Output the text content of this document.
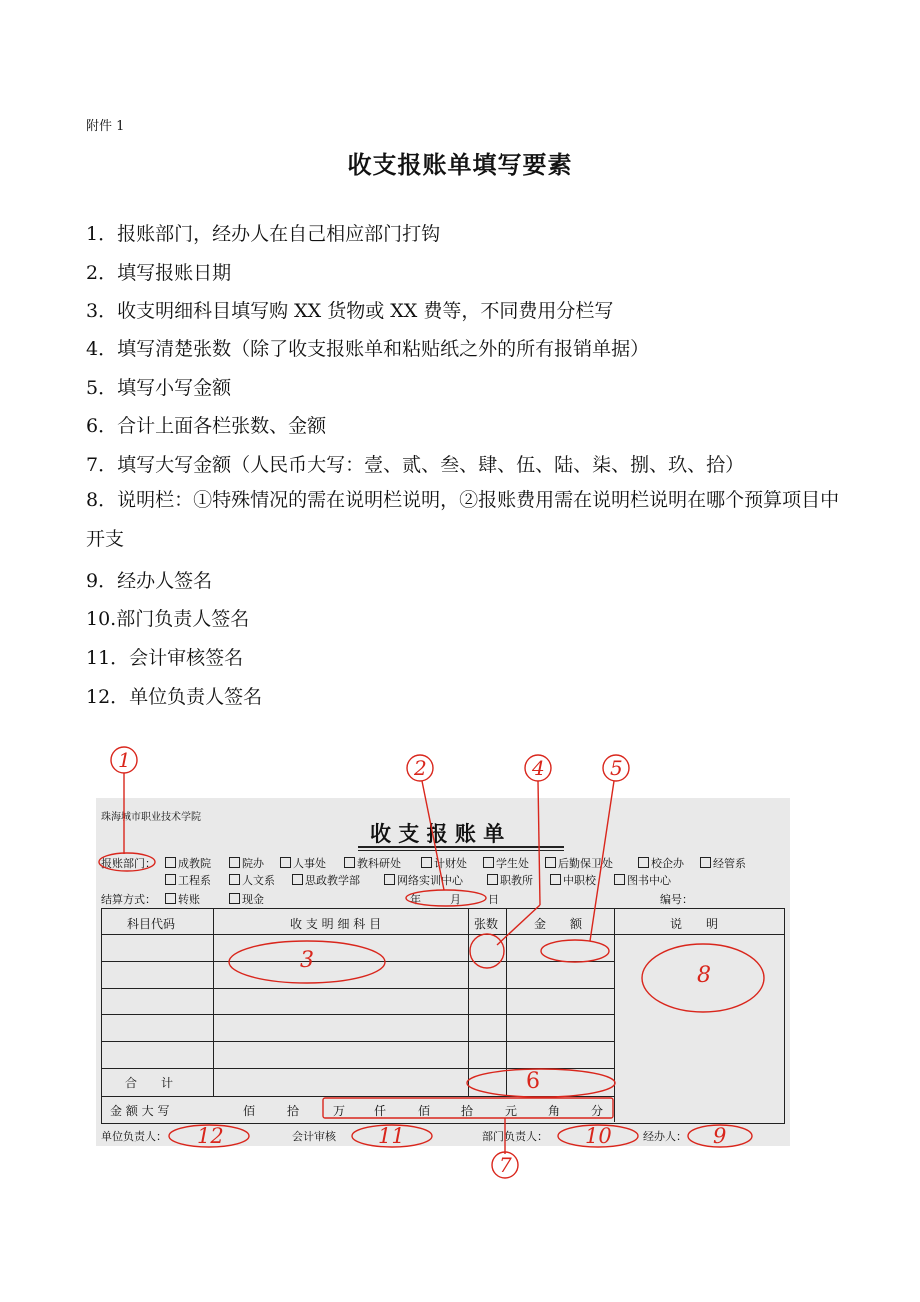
附件 1
收支报账单填写要素
1．报账部门，经办人在自己相应部门打钩
2．填写报账日期
3．收支明细科目填写购 XX 货物或 XX 费等，不同费用分栏写
4．填写清楚张数（除了收支报账单和粘贴纸之外的所有报销单据）
5．填写小写金额
6．合计上面各栏张数、金额
7．填写大写金额（人民币大写：壹、贰、叁、肆、伍、陆、柒、捌、玖、拾）
8．说明栏：①特殊情况的需在说明栏说明，②报账费用需在说明栏说明在哪个预算项目中开支
9．经办人签名
10.部门负责人签名
11．会计审核签名
12．单位负责人签名
珠海城市职业技术学院
收 支 报 账 单
报账部门：	成教院	院办	人事处	教科研处	计财处	学生处	后勤保卫处	校企办	经管系
工程系	人文系	思政教学部	网络实训中心	职教所	中职校	图书中心
结算方式：	转账	现金	年	月 日	编号：
科目代码	收 支 明 细 科 目	张数	金　　额	说　　明
合　　计
金 额 大 写	佰	拾	万 仟	佰	拾	元	角	分
单位负责人：	会计审核	部门负责人：	经办人：
1	2	4	5
3
8
6
7
9
10
11
12
